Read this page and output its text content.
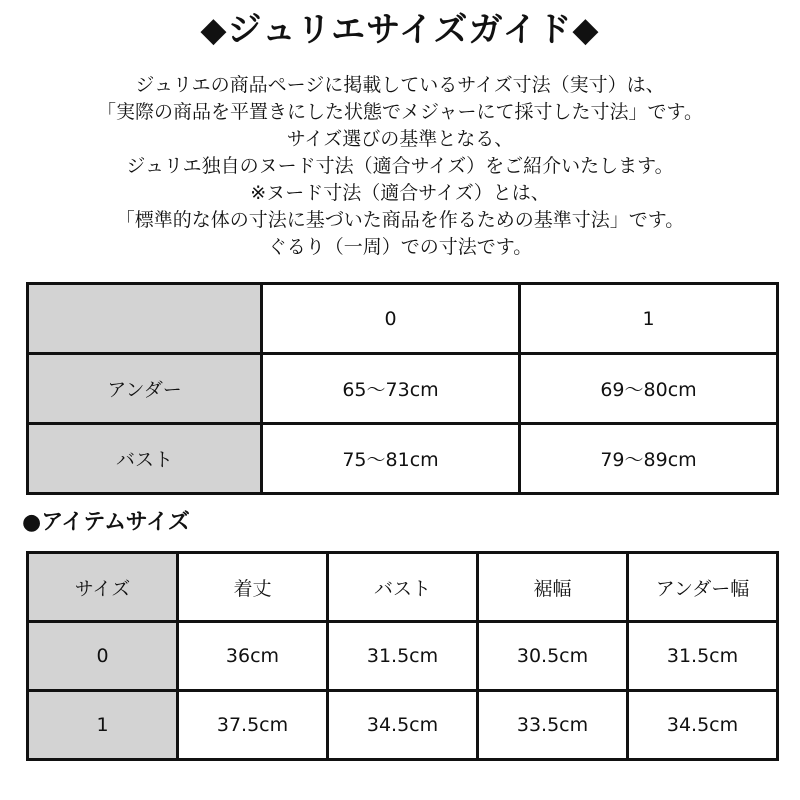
◆ジュリエサイズガイド◆
ジュリエの商品ページに掲載しているサイズ寸法（実寸）は、
「実際の商品を平置きにした状態でメジャーにて採寸した寸法」です。
サイズ選びの基準となる、
ジュリエ独自のヌード寸法（適合サイズ）をご紹介いたします。
※ヌード寸法（適合サイズ）とは、
「標準的な体の寸法に基づいた商品を作るための基準寸法」です。
ぐるり（一周）での寸法です。
	0	1
アンダー	65〜73cm	69〜80cm
バスト	75〜81cm	79〜89cm
●アイテムサイズ
サイズ	着丈	バスト	裾幅	アンダー幅
0	36cm	31.5cm	30.5cm	31.5cm
1	37.5cm	34.5cm	33.5cm	34.5cm
